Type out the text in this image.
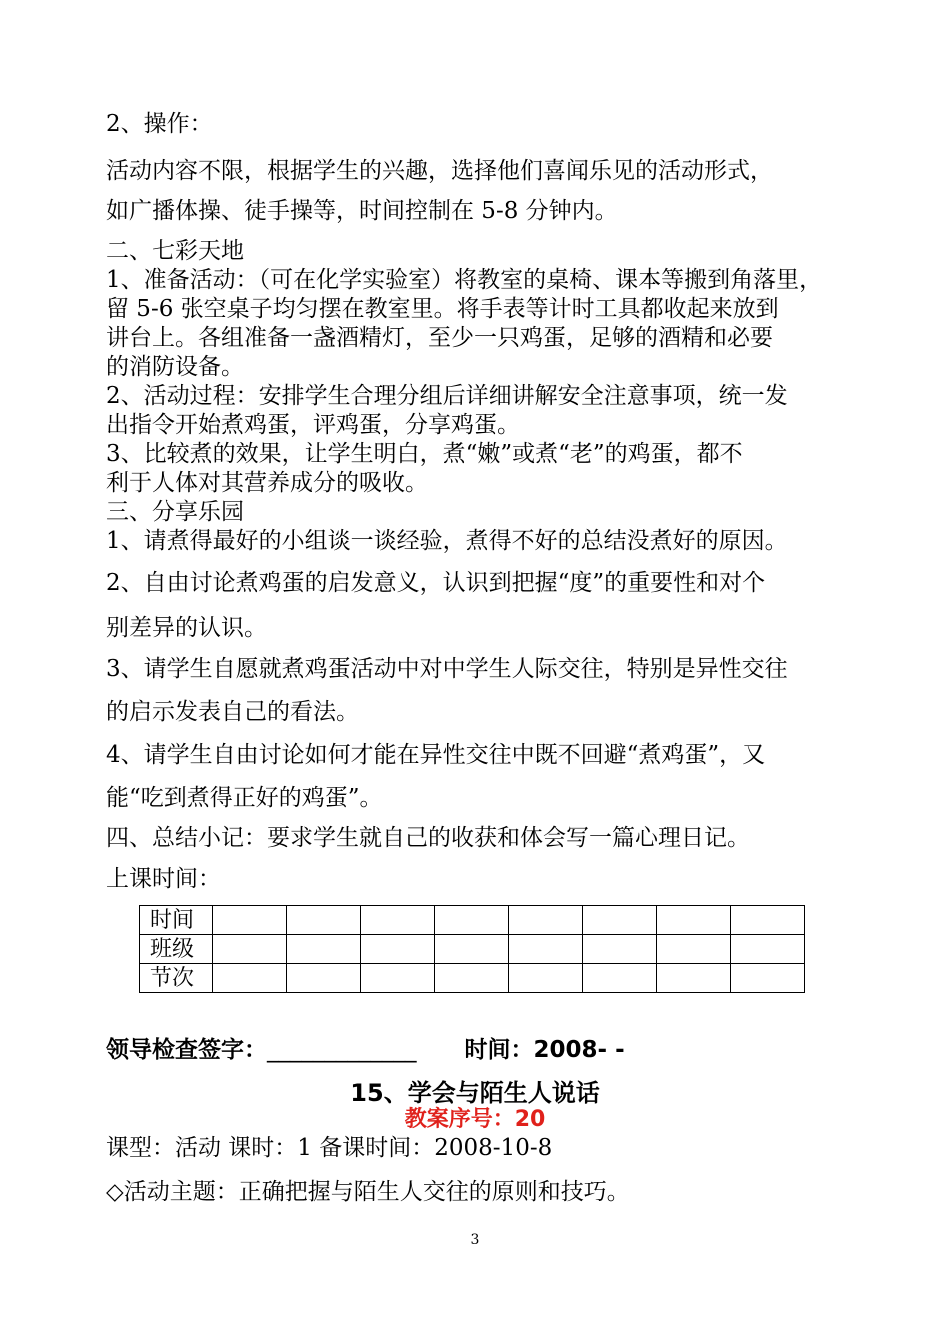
2、操作：
活动内容不限，根据学生的兴趣，选择他们喜闻乐见的活动形式，
如广播体操、徒手操等，时间控制在 5-8 分钟内。
二、七彩天地
1、准备活动：（可在化学实验室）将教室的桌椅、课本等搬到角落里，
留 5-6 张空桌子均匀摆在教室里。将手表等计时工具都收起来放到
讲台上。各组准备一盏酒精灯，至少一只鸡蛋，足够的酒精和必要
的消防设备。
2、活动过程：安排学生合理分组后详细讲解安全注意事项，统一发
出指令开始煮鸡蛋，评鸡蛋，分享鸡蛋。
3、比较煮的效果，让学生明白，煮“嫩”或煮“老”的鸡蛋，都不
利于人体对其营养成分的吸收。
三、分享乐园
1、请煮得最好的小组谈一谈经验，煮得不好的总结没煮好的原因。
2、自由讨论煮鸡蛋的启发意义，认识到把握“度”的重要性和对个
别差异的认识。
3、请学生自愿就煮鸡蛋活动中对中学生人际交往，特别是异性交往
的启示发表自己的看法。
4、请学生自由讨论如何才能在异性交往中既不回避“煮鸡蛋”，又
能“吃到煮得正好的鸡蛋”。
四、总结小记：要求学生就自己的收获和体会写一篇心理日记。
上课时间：
时间								
班级								
节次								
领导检查签字：_____________ 时间：2008- -
15、学会与陌生人说话
教案序号：20
课型：活动 课时：1 备课时间：2008-10-8
◇活动主题：正确把握与陌生人交往的原则和技巧。
3
